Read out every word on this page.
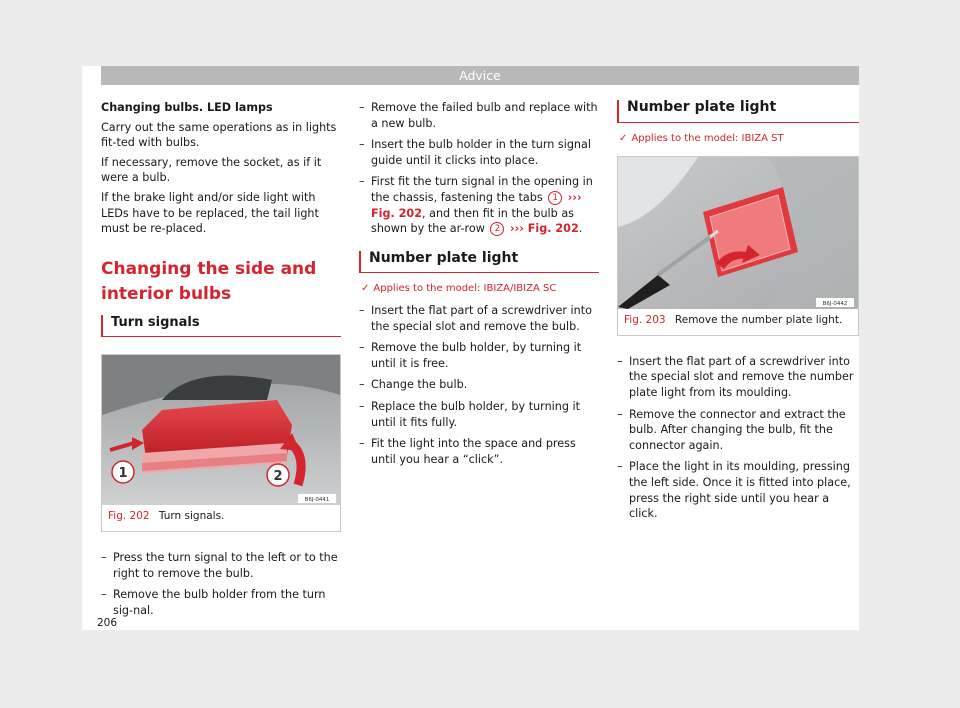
Advice

Changing bulbs. LED lamps

Carry out the same operations as in lights fit-ted with bulbs.

If necessary, remove the socket, as if it were a bulb.

If the brake light and/or side light with LEDs have to be replaced, the tail light must be re-placed.

Changing the side and interior bulbs
Turn signals
1	2
B6J-0441
Fig. 202 Turn signals.
– Press the turn signal to the left or to the right to remove the bulb.
– Remove the bulb holder from the turn sig-nal.
– Remove the failed bulb and replace with a new bulb.
– Insert the bulb holder in the turn signal guide until it clicks into place.
– First fit the turn signal in the opening in the chassis, fastening the tabs 1 ››› Fig. 202, and then fit in the bulb as shown by the ar-row 2 ››› Fig. 202.
Number plate light
✓ Applies to the model: IBIZA/IBIZA SC
– Insert the flat part of a screwdriver into the special slot and remove the bulb.
– Remove the bulb holder, by turning it until it is free.
– Change the bulb.
– Replace the bulb holder, by turning it until it fits fully.
– Fit the light into the space and press until you hear a “click”.
Number plate light
✓ Applies to the model: IBIZA ST
B6J-0442
Fig. 203 Remove the number plate light.
– Insert the flat part of a screwdriver into the special slot and remove the number plate light from its moulding.
– Remove the connector and extract the bulb. After changing the bulb, fit the connector again.
– Place the light in its moulding, pressing the left side. Once it is fitted into place, press the right side until you hear a click.
206
